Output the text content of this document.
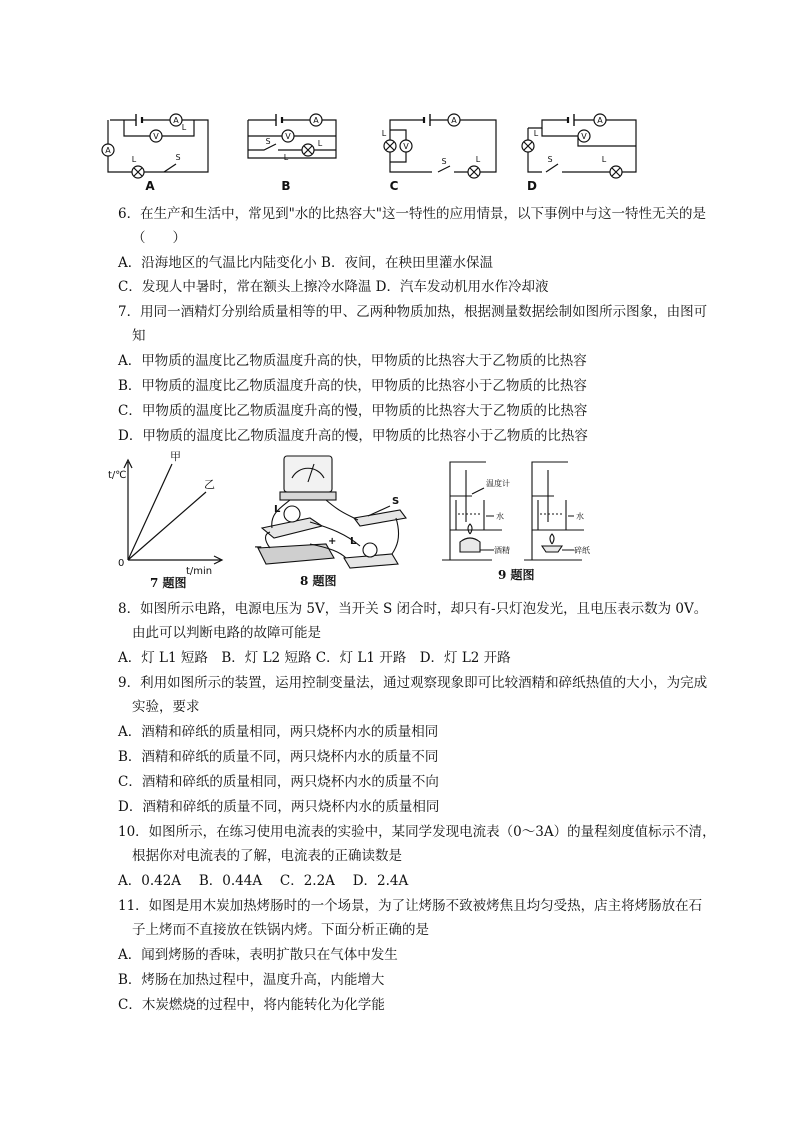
A
V
A
L
L	S
A
V
S	L
L
A
V
L
S	L
A
V
L
S	L
A	B	C	D
6．在生产和生活中，常见到"水的比热容大"这一特性的应用情景，以下事例中与这一特性无关的是
（　　）
A．沿海地区的气温比内陆变化小 B．夜间，在秧田里灌水保温
C．发现人中暑时，常在额头上擦冷水降温 D．汽车发动机用水作冷却液
7．用同一酒精灯分别给质量相等的甲、乙两种物质加热，根据测量数据绘制如图所示图象，由图可
知
A．甲物质的温度比乙物质温度升高的快，甲物质的比热容大于乙物质的比热容
B．甲物质的温度比乙物质温度升高的快，甲物质的比热容小于乙物质的比热容
C．甲物质的温度比乙物质温度升高的慢，甲物质的比热容大于乙物质的比热容
D．甲物质的温度比乙物质温度升高的慢，甲物质的比热容小于乙物质的比热容
t/℃
t/min
0
甲
乙
7 题图
L
L
S
+
−
8 题图
温度计
水	水
酒精	碎纸
9 题图
8．如图所示电路，电源电压为 5V，当开关 S 闭合时，却只有-只灯泡发光，且电压表示数为 0V。
由此可以判断电路的故障可能是
A．灯 L1 短路　B．灯 L2 短路 C．灯 L1 开路　D．灯 L2 开路
9．利用如图所示的装置，运用控制变量法，通过观察现象即可比较酒精和碎纸热值的大小，为完成
实验，要求
A．酒精和碎纸的质量相同，两只烧杯内水的质量相同
B．酒精和碎纸的质量不同，两只烧杯内水的质量不同
C．酒精和碎纸的质量相同，两只烧杯内水的质量不向
D．酒精和碎纸的质量不同，两只烧杯内水的质量相同
10．如图所示，在练习使用电流表的实验中，某同学发现电流表（0～3A）的量程刻度值标示不清，
根据你对电流表的了解，电流表的正确读数是
A．0.42A　 B．0.44A　 C．2.2A　 D．2.4A
11．如图是用木炭加热烤肠时的一个场景，为了让烤肠不致被烤焦且均匀受热，店主将烤肠放在石
子上烤而不直接放在铁锅内烤。下面分析正确的是
A．闻到烤肠的香味，表明扩散只在气体中发生
B．烤肠在加热过程中，温度升高，内能增大
C．木炭燃烧的过程中，将内能转化为化学能
